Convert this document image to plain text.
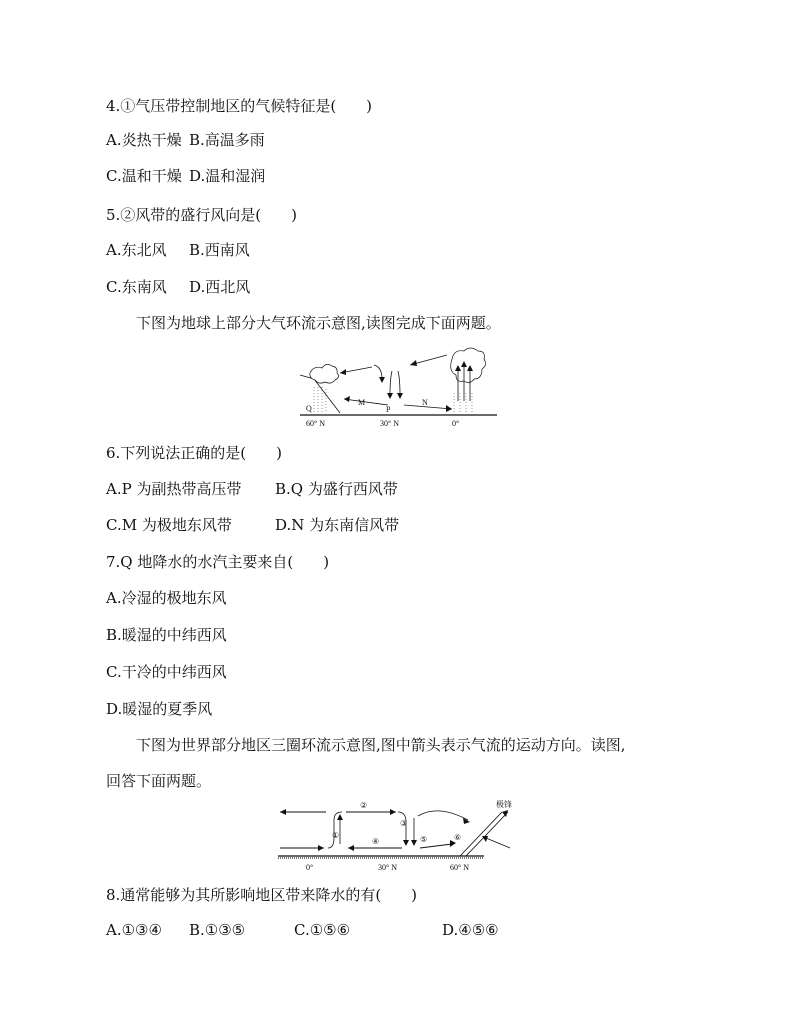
4.①气压带控制地区的气候特征是(　　)
A.炎热干燥 B.高温多雨
C.温和干燥 D.温和湿润
5.②风带的盛行风向是(　　)
A.东北风 B.西南风
C.东南风 D.西北风
下图为地球上部分大气环流示意图,读图完成下面两题。
Q
M
P
N
60° N	30° N	0°
6.下列说法正确的是(　　)
A.P 为副热带高压带 B.Q 为盛行西风带
C.M 为极地东风带	D.N 为东南信风带
7.Q 地降水的水汽主要来自(　　)
A.冷湿的极地东风
B.暖湿的中纬西风
C.干冷的中纬西风
D.暖湿的夏季风
下图为世界部分地区三圈环流示意图,图中箭头表示气流的运动方向。读图,
回答下面两题。
①
②
③
④	⑤	⑥
极锋
0°	30° N	60° N
8.通常能够为其所影响地区带来降水的有(　　)
A.①③④ B.①③⑤	C.①⑤⑥	D.④⑤⑥
